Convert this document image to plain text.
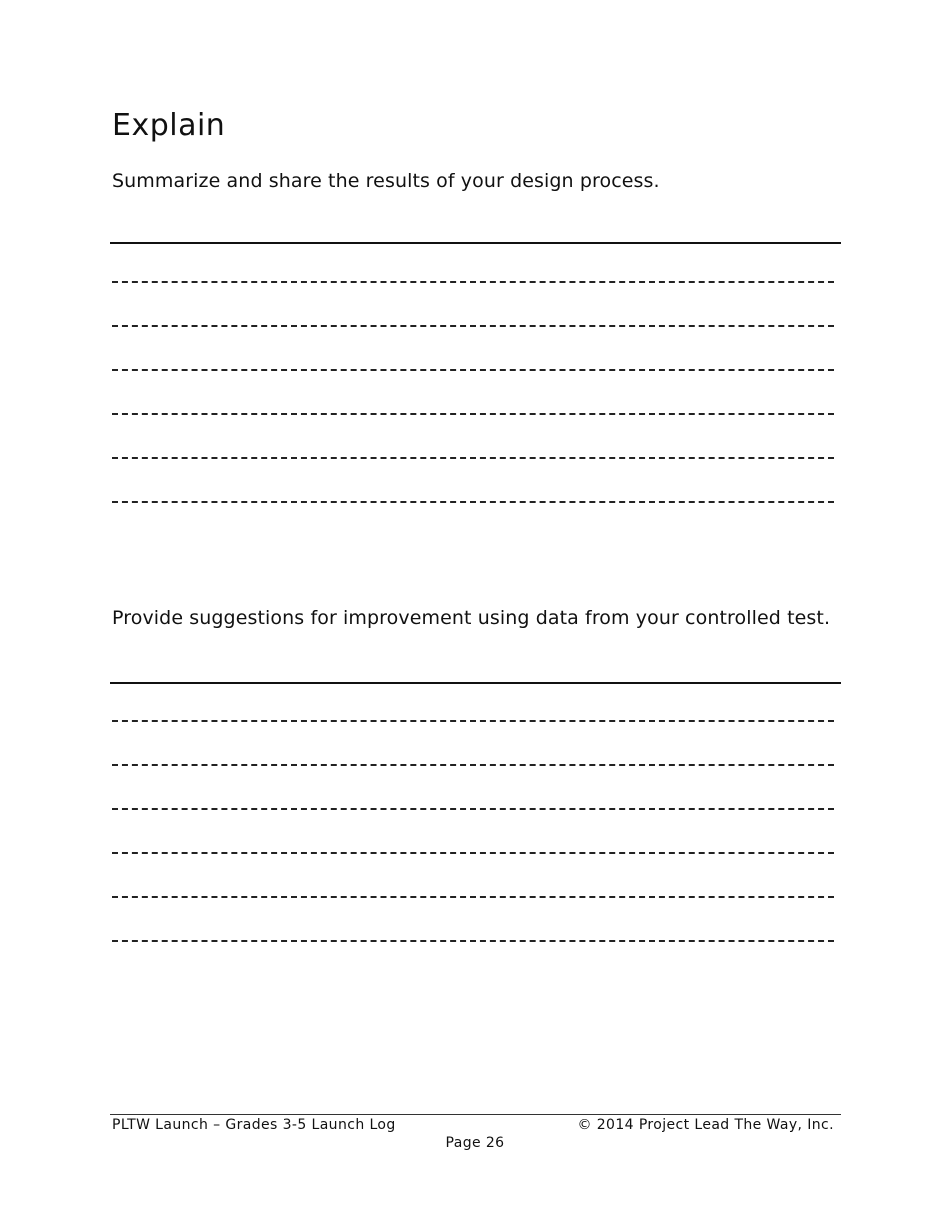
Explain

Summarize and share the results of your design process.

Provide suggestions for improvement using data from your controlled test.

PLTW Launch – Grades 3-5 Launch Log	© 2014 Project Lead The Way, Inc.
Page 26
